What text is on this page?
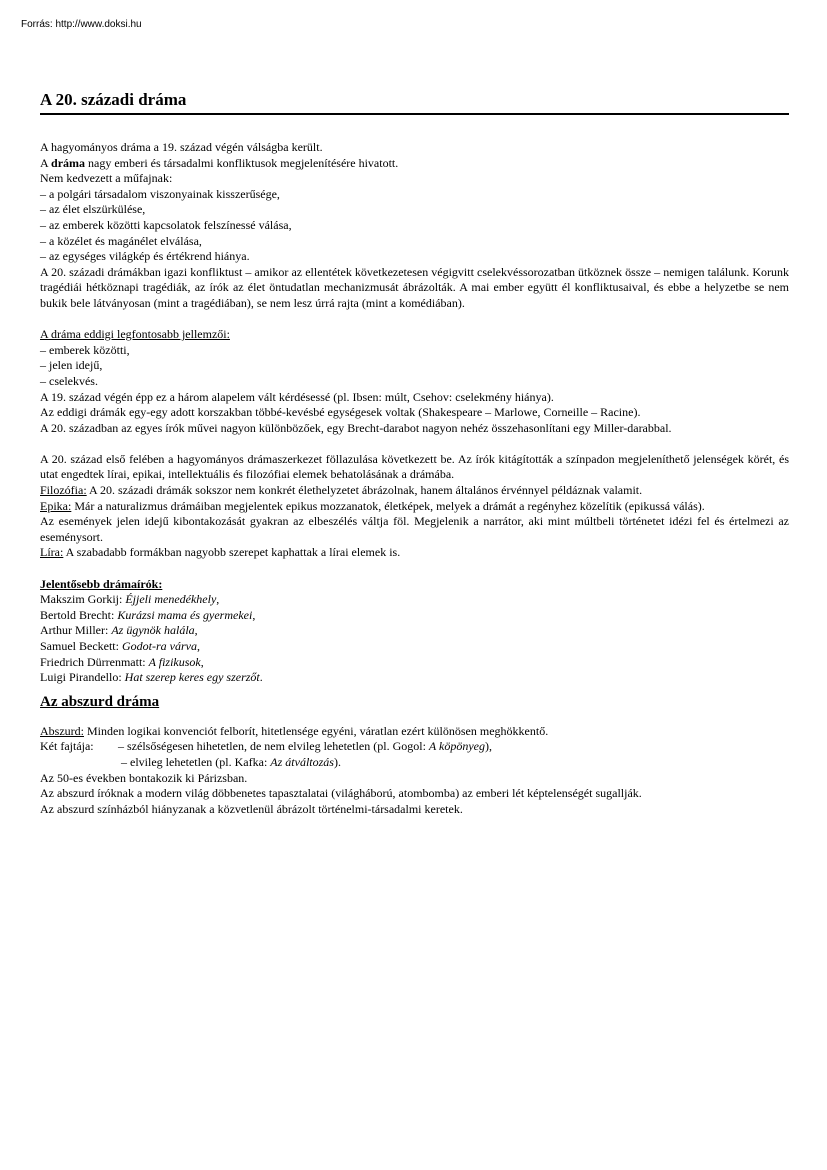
Forrás: http://www.doksi.hu
A 20. századi dráma

A hagyományos dráma a 19. század végén válságba került.

A dráma nagy emberi és társadalmi konfliktusok megjelenítésére hivatott.

Nem kedvezett a műfajnak:

– a polgári társadalom viszonyainak kisszerűsége,

– az élet elszürkülése,

– az emberek közötti kapcsolatok felszínessé válása,

– a közélet és magánélet elválása,

– az egységes világkép és értékrend hiánya.

A 20. századi drámákban igazi konfliktust – amikor az ellentétek következetesen végigvitt cselekvéssorozatban ütköznek össze – nemigen találunk. Korunk tragédiái hétköznapi tragédiák, az írók az élet öntudatlan mechanizmusát ábrázolták. A mai ember együtt él konfliktusaival, és ebbe a helyzetbe se nem bukik bele látványosan (mint a tragédiában), se nem lesz úrrá rajta (mint a komédiában).

A dráma eddigi legfontosabb jellemzői:

– emberek közötti,

– jelen idejű,

– cselekvés.

A 19. század végén épp ez a három alapelem vált kérdésessé (pl. Ibsen: múlt, Csehov: cselekmény hiánya).

Az eddigi drámák egy-egy adott korszakban többé-kevésbé egységesek voltak (Shakespeare – Marlowe, Corneille – Racine).

A 20. században az egyes írók művei nagyon különbözőek, egy Brecht-darabot nagyon nehéz összehasonlítani egy Miller-darabbal.

A 20. század első felében a hagyományos drámaszerkezet föllazulása következett be. Az írók kitágították a színpadon megjeleníthető jelenségek körét, és utat engedtek lírai, epikai, intellektuális és filozófiai elemek behatolásának a drámába.

Filozófia: A 20. századi drámák sokszor nem konkrét élethelyzetet ábrázolnak, hanem általános érvénnyel példáznak valamit.

Epika: Már a naturalizmus drámáiban megjelentek epikus mozzanatok, életképek, melyek a drámát a regényhez közelítik (epikussá válás).

Az események jelen idejű kibontakozását gyakran az elbeszélés váltja föl. Megjelenik a narrátor, aki mint múltbeli történetet idézi fel és értelmezi az eseménysort.

Líra: A szabadabb formákban nagyobb szerepet kaphattak a lírai elemek is.

Jelentősebb drámaírók:

Makszim Gorkij: Éjjeli menedékhely,

Bertold Brecht: Kurázsi mama és gyermekei,

Arthur Miller: Az ügynök halála,

Samuel Beckett: Godot-ra várva,

Friedrich Dürrenmatt: A fizikusok,

Luigi Pirandello: Hat szerep keres egy szerzőt.

Az abszurd dráma

Abszurd: Minden logikai konvenciót felborít, hitetlensége egyéni, váratlan ezért különösen meghökkentő.

Két fajtája:	– szélsőségesen hihetetlen, de nem elvileg lehetetlen (pl. Gogol: A köpönyeg),
– elvileg lehetetlen (pl. Kafka: Az átváltozás).

Az 50-es években bontakozik ki Párizsban.

Az abszurd íróknak a modern világ döbbenetes tapasztalatai (világháború, atombomba) az emberi lét képtelenségét sugallják.

Az abszurd színházból hiányzanak a közvetlenül ábrázolt történelmi-társadalmi keretek.
